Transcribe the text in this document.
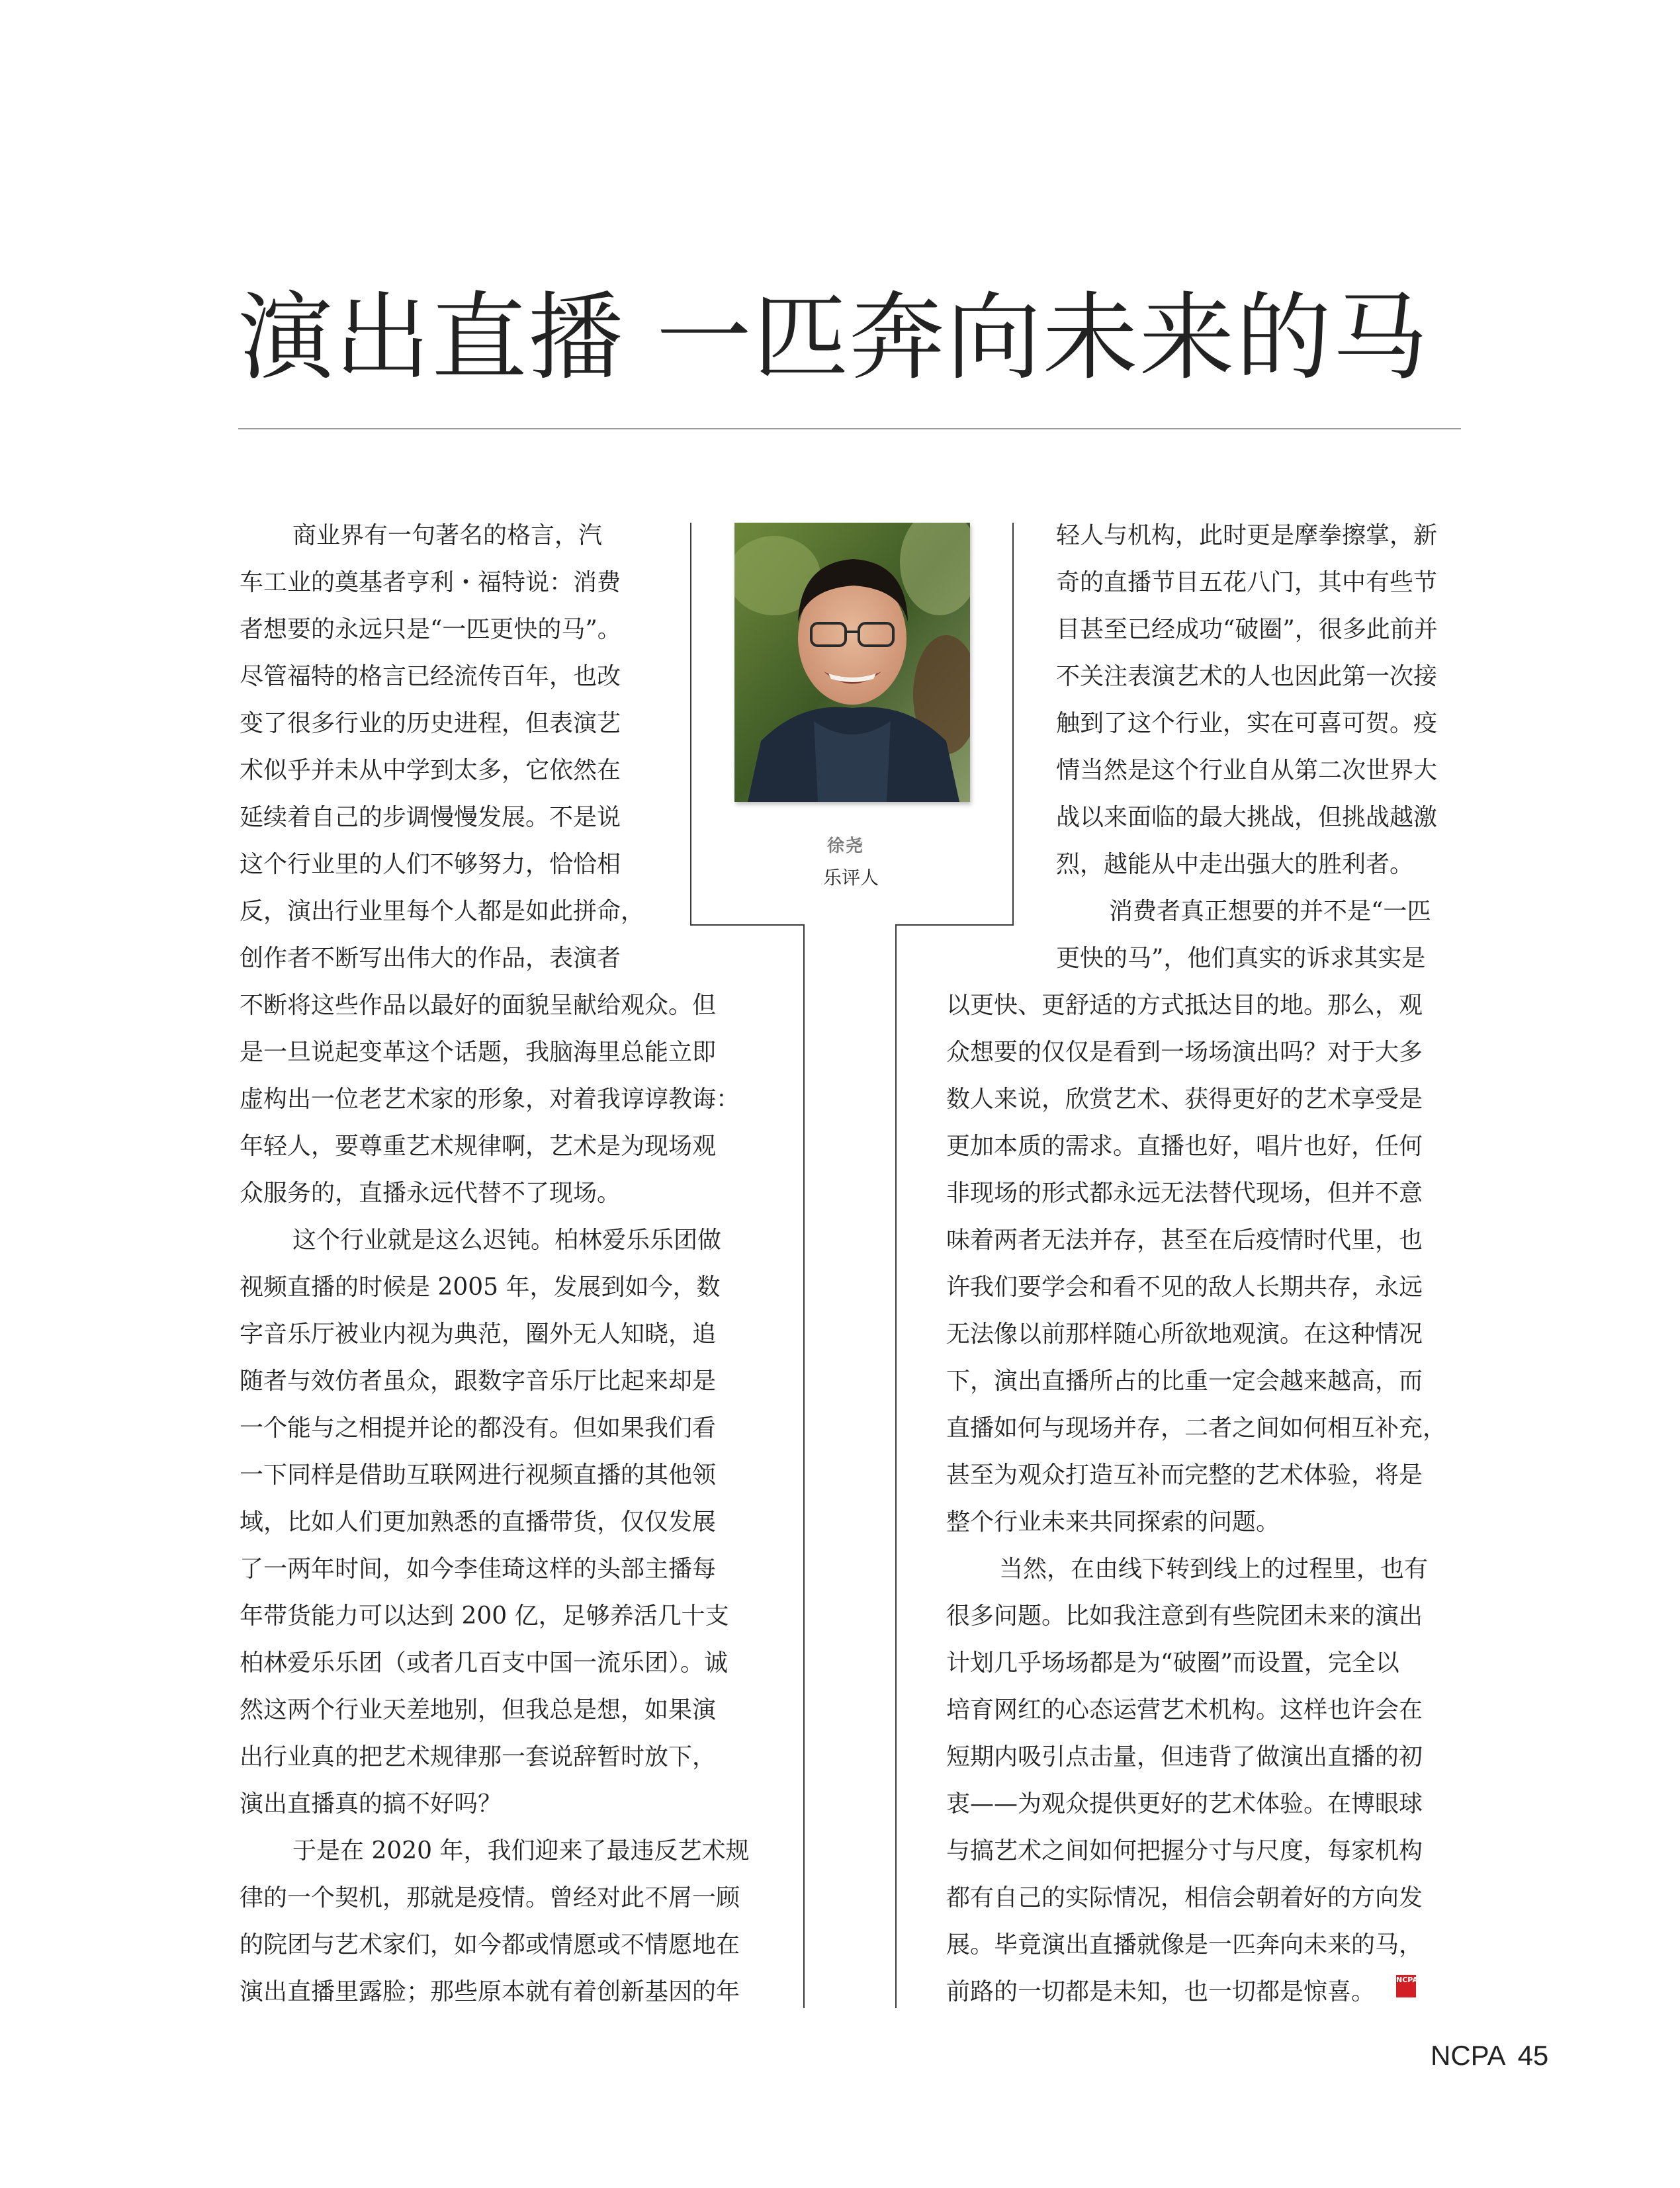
演出直播 一匹奔向未来的马
徐尧
乐评人
商业界有一句著名的格言，汽
车工业的奠基者亨利・福特说：消费
者想要的永远只是“一匹更快的马”。
尽管福特的格言已经流传百年，也改
变了很多行业的历史进程，但表演艺
术似乎并未从中学到太多，它依然在
延续着自己的步调慢慢发展。不是说
这个行业里的人们不够努力，恰恰相
反，演出行业里每个人都是如此拼命，
创作者不断写出伟大的作品，表演者
不断将这些作品以最好的面貌呈献给观众。但
是一旦说起变革这个话题，我脑海里总能立即
虚构出一位老艺术家的形象，对着我谆谆教诲：
年轻人，要尊重艺术规律啊，艺术是为现场观
众服务的，直播永远代替不了现场。
这个行业就是这么迟钝。柏林爱乐乐团做
视频直播的时候是 2005 年，发展到如今，数
字音乐厅被业内视为典范，圈外无人知晓，追
随者与效仿者虽众，跟数字音乐厅比起来却是
一个能与之相提并论的都没有。但如果我们看
一下同样是借助互联网进行视频直播的其他领
域，比如人们更加熟悉的直播带货，仅仅发展
了一两年时间，如今李佳琦这样的头部主播每
年带货能力可以达到 200 亿，足够养活几十支
柏林爱乐乐团（或者几百支中国一流乐团）。诚
然这两个行业天差地别，但我总是想，如果演
出行业真的把艺术规律那一套说辞暂时放下，
演出直播真的搞不好吗？
于是在 2020 年，我们迎来了最违反艺术规
律的一个契机，那就是疫情。曾经对此不屑一顾
的院团与艺术家们，如今都或情愿或不情愿地在
演出直播里露脸；那些原本就有着创新基因的年
轻人与机构，此时更是摩拳擦掌，新
奇的直播节目五花八门，其中有些节
目甚至已经成功“破圈”，很多此前并
不关注表演艺术的人也因此第一次接
触到了这个行业，实在可喜可贺。疫
情当然是这个行业自从第二次世界大
战以来面临的最大挑战，但挑战越激
烈，越能从中走出强大的胜利者。
消费者真正想要的并不是“一匹
更快的马”，他们真实的诉求其实是
以更快、更舒适的方式抵达目的地。那么，观
众想要的仅仅是看到一场场演出吗？对于大多
数人来说，欣赏艺术、获得更好的艺术享受是
更加本质的需求。直播也好，唱片也好，任何
非现场的形式都永远无法替代现场，但并不意
味着两者无法并存，甚至在后疫情时代里，也
许我们要学会和看不见的敌人长期共存，永远
无法像以前那样随心所欲地观演。在这种情况
下，演出直播所占的比重一定会越来越高，而
直播如何与现场并存，二者之间如何相互补充，
甚至为观众打造互补而完整的艺术体验，将是
整个行业未来共同探索的问题。
当然，在由线下转到线上的过程里，也有
很多问题。比如我注意到有些院团未来的演出
计划几乎场场都是为“破圈”而设置，完全以
培育网红的心态运营艺术机构。这样也许会在
短期内吸引点击量，但违背了做演出直播的初
衷——为观众提供更好的艺术体验。在博眼球
与搞艺术之间如何把握分寸与尺度，每家机构
都有自己的实际情况，相信会朝着好的方向发
展。毕竟演出直播就像是一匹奔向未来的马，
前路的一切都是未知，也一切都是惊喜。	NCPA
NCPA 45
